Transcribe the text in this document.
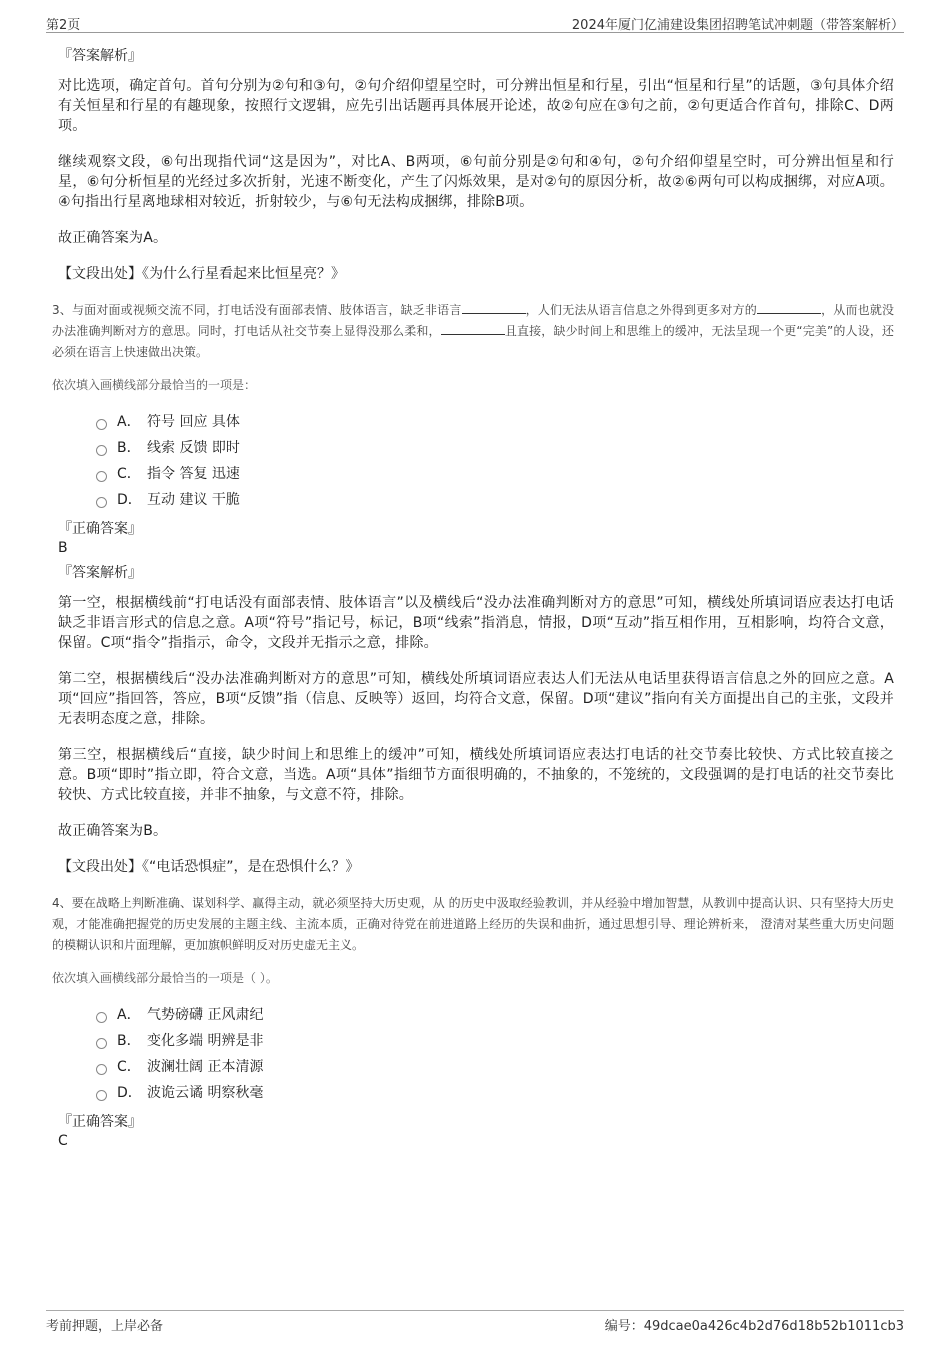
第2页	2024年厦门亿浦建设集团招聘笔试冲刺题（带答案解析）

『答案解析』

对比选项，确定首句。首句分别为②句和③句，②句介绍仰望星空时，可分辨出恒星和行星，引出“恒星和行星”的话题，③句具体介绍有关恒星和行星的有趣现象，按照行文逻辑，应先引出话题再具体展开论述，故②句应在③句之前，②句更适合作首句，排除C、D两项。

继续观察文段，⑥句出现指代词“这是因为”，对比A、B两项，⑥句前分别是②句和④句，②句介绍仰望星空时，可分辨出恒星和行星，⑥句分析恒星的光经过多次折射，光速不断变化，产生了闪烁效果，是对②句的原因分析，故②⑥两句可以构成捆绑，对应A项。④句指出行星离地球相对较近，折射较少，与⑥句无法构成捆绑，排除B项。

故正确答案为A。

【文段出处】《为什么行星看起来比恒星亮？》

3、与面对面或视频交流不同，打电话没有面部表情、肢体语言，缺乏非语言	，人们无法从语言信息之外得到更多对方的	，从而也就没办法准确判断对方的意思。同时，打电话从社交节奏上显得没那么柔和，	且直接，缺少时间上和思维上的缓冲，无法呈现一个更“完美”的人设，还必须在语言上快速做出决策。

依次填入画横线部分最恰当的一项是：

A． 符号 回应 具体
B． 线索 反馈 即时
C． 指令 答复 迅速
D． 互动 建议 干脆

『正确答案』

B

『答案解析』

第一空，根据横线前“打电话没有面部表情、肢体语言”以及横线后“没办法准确判断对方的意思”可知，横线处所填词语应表达打电话缺乏非语言形式的信息之意。A项“符号”指记号，标记，B项“线索”指消息，情报，D项“互动”指互相作用，互相影响，均符合文意，保留。C项“指令”指指示，命令，文段并无指示之意，排除。

第二空，根据横线后“没办法准确判断对方的意思”可知，横线处所填词语应表达人们无法从电话里获得语言信息之外的回应之意。A项“回应”指回答，答应，B项“反馈”指（信息、反映等）返回，均符合文意，保留。D项“建议”指向有关方面提出自己的主张，文段并无表明态度之意，排除。

第三空，根据横线后“直接，缺少时间上和思维上的缓冲”可知，横线处所填词语应表达打电话的社交节奏比较快、方式比较直接之意。B项“即时”指立即，符合文意，当选。A项“具体”指细节方面很明确的，不抽象的，不笼统的，文段强调的是打电话的社交节奏比较快、方式比较直接，并非不抽象，与文意不符，排除。

故正确答案为B。

【文段出处】《“电话恐惧症”，是在恐惧什么？》

4、要在战略上判断准确、谋划科学、赢得主动，就必须坚持大历史观，从 的历史中汲取经验教训，并从经验中增加智慧，从教训中提高认识、只有坚持大历史观，才能准确把握党的历史发展的主题主线、主流本质，正确对待党在前进道路上经历的失误和曲折，通过思想引导、理论辨析来， 澄清对某些重大历史问题的模糊认识和片面理解，更加旗帜鲜明反对历史虚无主义。

依次填入画横线部分最恰当的一项是（ ）。

A． 气势磅礴 正风肃纪
B． 变化多端 明辨是非
C． 波澜壮阔 正本清源
D． 波诡云谲 明察秋毫

『正确答案』

C

考前押题，上岸必备	编号：49dcae0a426c4b2d76d18b52b1011cb3
